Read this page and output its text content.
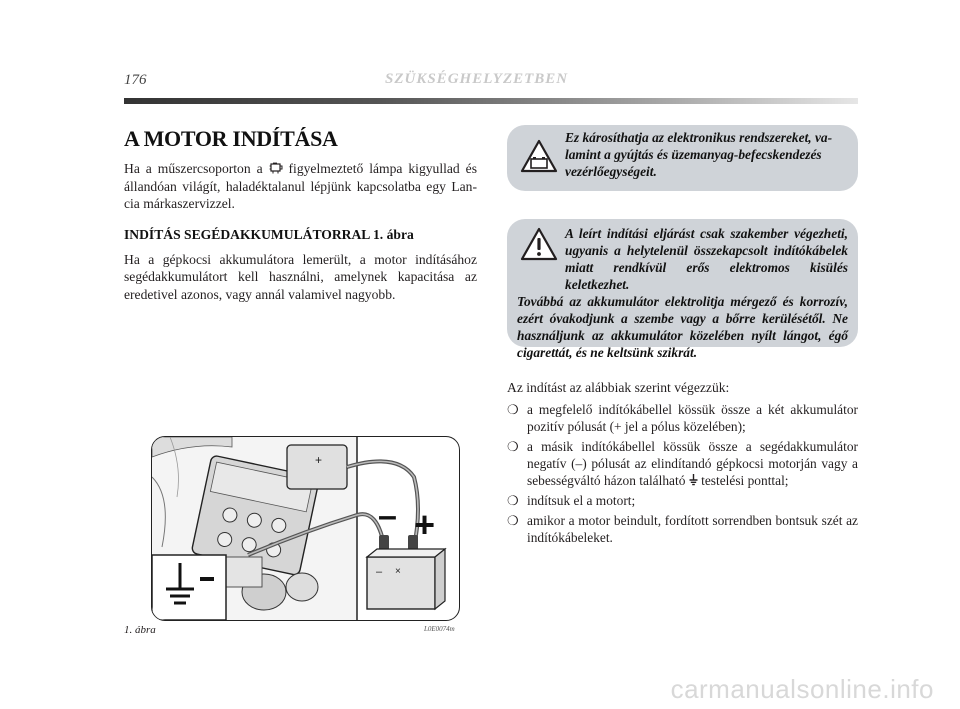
176	SZÜKSÉGHELYZETBEN
A MOTOR INDÍTÁSA

Ha a műszercsoporton a figyelmeztető lámpa kigyullad és állandóan világít, haladéktalanul lépjünk kapcsolatba egy Lan-cia márkaszervizzel.

INDÍTÁS SEGÉDAKKUMULÁTORRAL 1. ábra

Ha a gépkocsi akkumulátora lemerült, a motor indításához segédakkumulátort kell használni, amelynek kapacitása az eredetivel azonos, vagy annál valamivel nagyobb.

Ez károsíthatja az elektronikus rendszereket, va-lamint a gyújtás és üzemanyag-befecskendezés vezérlőegységeit.
A leírt indítási eljárást csak szakember végezheti, ugyanis a helytelenül összekapcsolt indítókábelek miatt rendkívül erős elektromos kisülés keletkezhet.
Továbbá az akkumulátor elektrolitja mérgező és korrozív, ezért óvakodjunk a szembe vagy a bőrre kerülésétől. Ne használjunk az akkumulátor közelében nyílt lángot, égő cigarettát, és ne keltsünk szikrát.

Az indítást az alábbiak szerint végezzük:

❍ a megfelelő indítókábellel kössük össze a két akkumulátor pozitív pólusát (+ jel a pólus közelében);
❍ a másik indítókábellel kössük össze a segédakkumulátor negatív (–) pólusát az elindítandó gépkocsi motorján vagy a sebességváltó házon található testelési ponttal;
❍ indítsuk el a motort;
❍ amikor a motor beindult, fordított sorrendben bontsuk szét az indítókábeleket.
+
– ×
– +
1. ábra	L0E0074m
carmanualsonline.info
